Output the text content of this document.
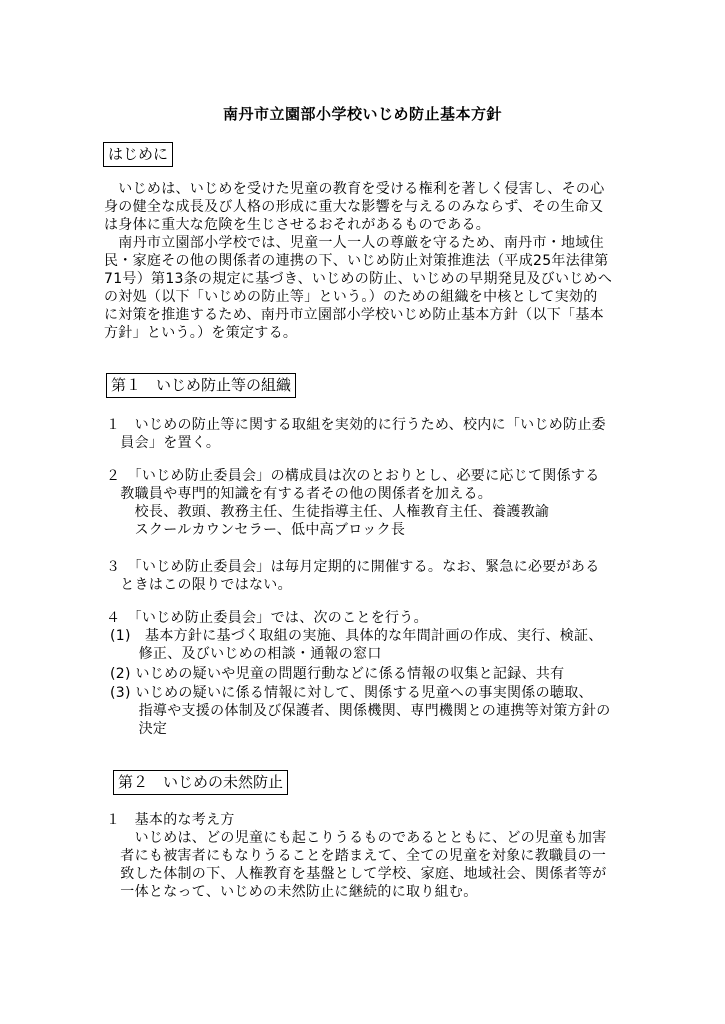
南丹市立園部小学校いじめ防止基本方針
はじめに
　いじめは、いじめを受けた児童の教育を受ける権利を著しく侵害し、その心
身の健全な成長及び人格の形成に重大な影響を与えるのみならず、その生命又
は身体に重大な危険を生じさせるおそれがあるものである。
　南丹市立園部小学校では、児童一人一人の尊厳を守るため、南丹市・地域住
民・家庭その他の関係者の連携の下、いじめ防止対策推進法（平成25年法律第
71号）第13条の規定に基づき、いじめの防止、いじめの早期発見及びいじめへ
の対処（以下「いじめの防止等」という。）のための組織を中核として実効的
に対策を推進するため、南丹市立園部小学校いじめ防止基本方針（以下「基本
方針」という。）を策定する。
第１　いじめ防止等の組織
１　いじめの防止等に関する取組を実効的に行うため、校内に「いじめ防止委
　員会」を置く。
２　「いじめ防止委員会」の構成員は次のとおりとし、必要に応じて関係する
　教職員や専門的知識を有する者その他の関係者を加える。
　　校長、教頭、教務主任、生徒指導主任、人権教育主任、養護教諭
　　スクールカウンセラー、低中高ブロック長
３　「いじめ防止委員会」は毎月定期的に開催する。なお、緊急に必要がある
　ときはこの限りではない。
４　「いじめ防止委員会」では、次のことを行う。
(1)　基本方針に基づく取組の実施、具体的な年間計画の作成、実行、検証、
　　修正、及びいじめの相談・通報の窓口
(2) いじめの疑いや児童の問題行動などに係る情報の収集と記録、共有
(3) いじめの疑いに係る情報に対して、関係する児童への事実関係の聴取、
　　指導や支援の体制及び保護者、関係機関、専門機関との連携等対策方針の
　　決定
第２　いじめの未然防止
１　基本的な考え方
　　いじめは、どの児童にも起こりうるものであるとともに、どの児童も加害
　者にも被害者にもなりうることを踏まえて、全ての児童を対象に教職員の一
　致した体制の下、人権教育を基盤として学校、家庭、地域社会、関係者等が
　一体となって、いじめの未然防止に継続的に取り組む。
